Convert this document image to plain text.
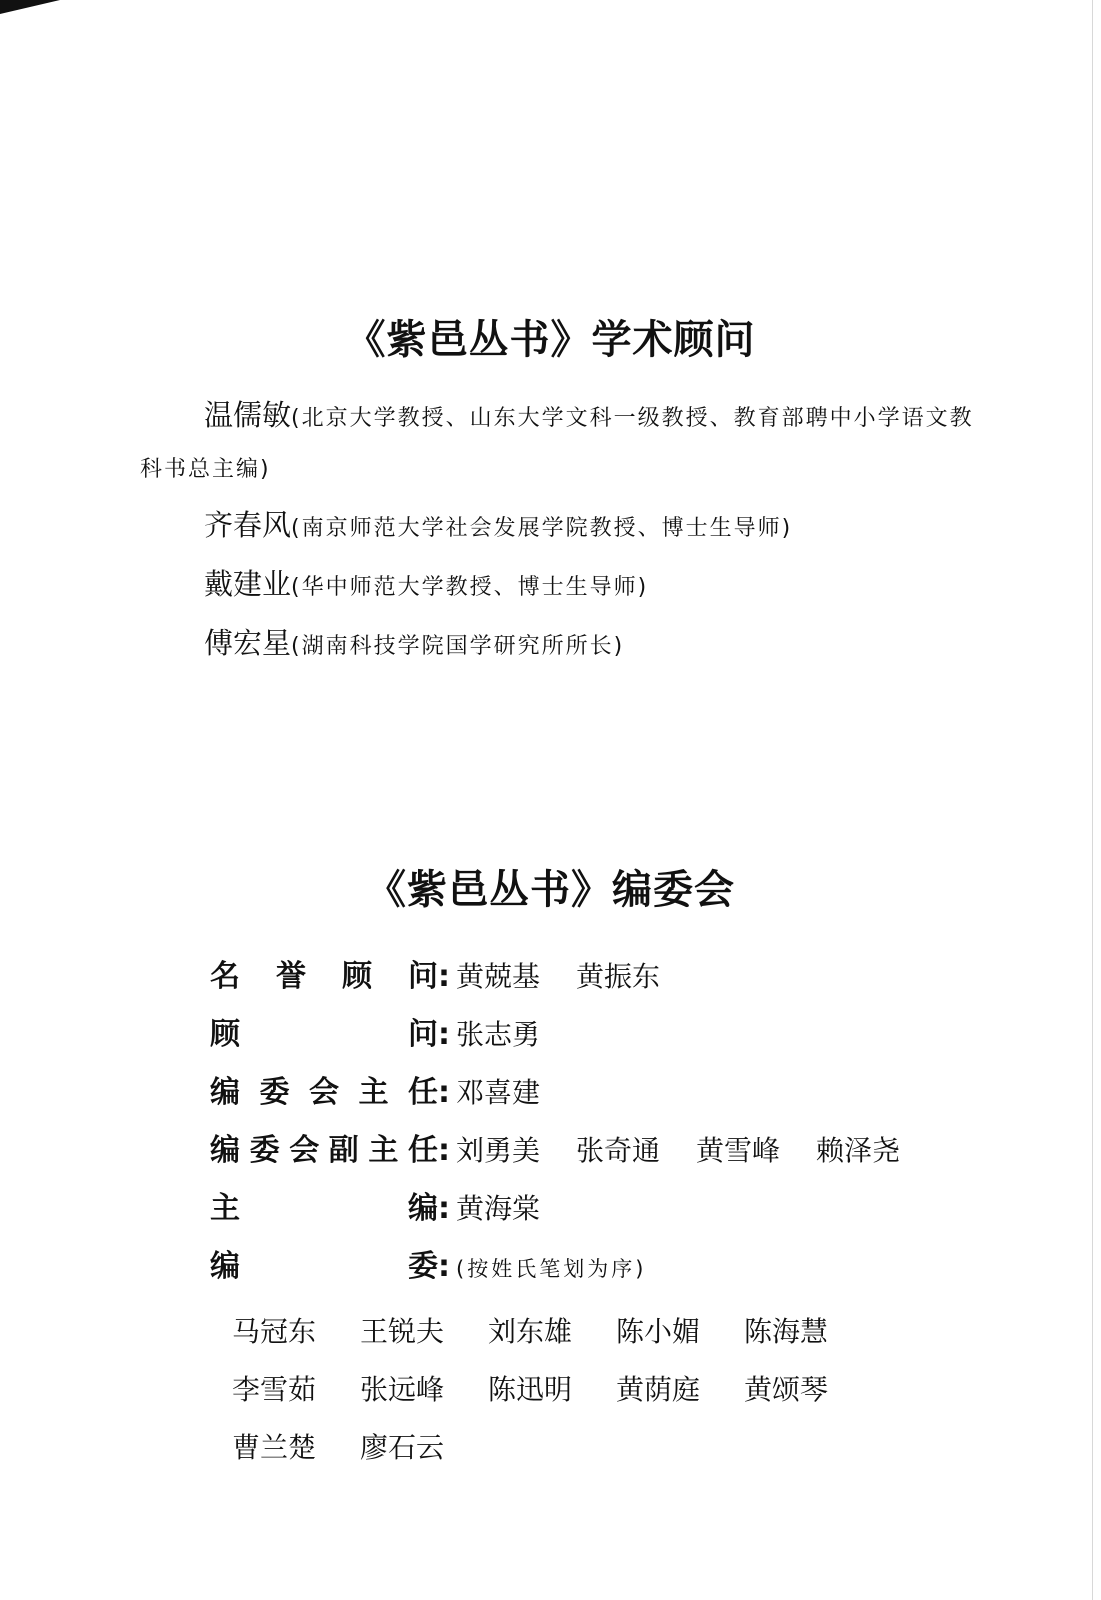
《紫邑丛书》学术顾问
温儒敏(北京大学教授、山东大学文科一级教授、教育部聘中小学语文教科书总主编)
齐春风(南京师范大学社会发展学院教授、博士生导师)
戴建业(华中师范大学教授、博士生导师)
傅宏星(湖南科技学院国学研究所所长)
《紫邑丛书》编委会
名 誉 顾 问 : 黄兢基 黄振东
顾	问 : 张志勇
编 委 会 主 任 : 邓喜建
编 委 会 副 主 任 : 刘勇美 张奇通 黄雪峰 赖泽尧
主	编 : 黄海棠
编	委 : (按姓氏笔划为序)
马冠东	王锐夫	刘东雄	陈小媚	陈海慧
李雪茹	张远峰	陈迅明	黄荫庭	黄颂琴
曹兰楚	廖石云
